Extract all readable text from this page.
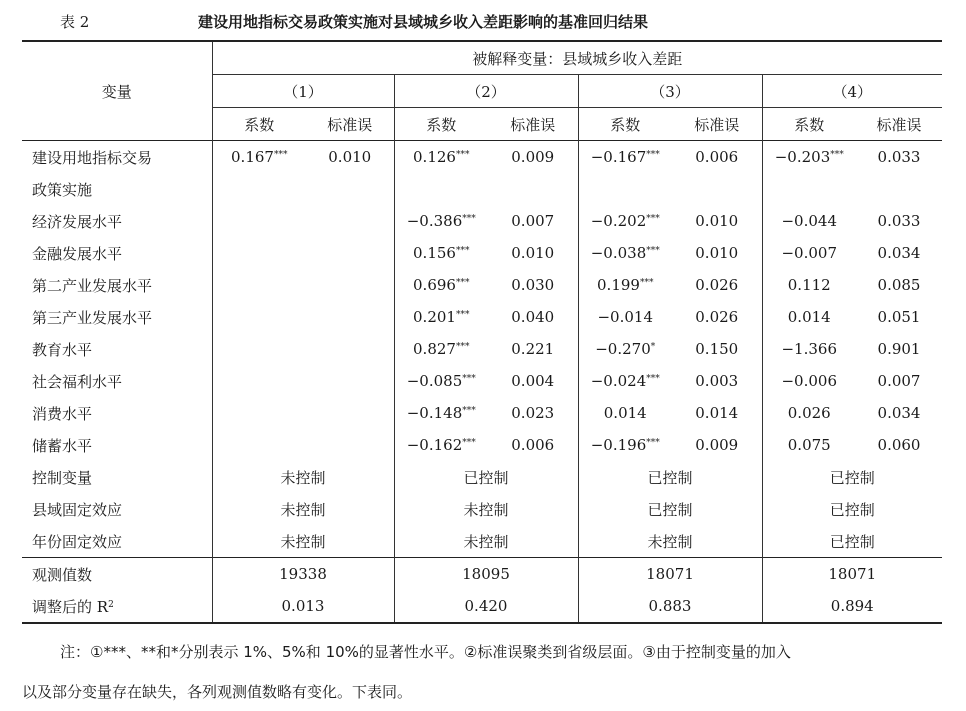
表 2	建设用地指标交易政策实施对县域城乡收入差距影响的基准回归结果
变量	被解释变量：县域城乡收入差距							
	（1）		（2）		（3）		（4）	
	系数	标准误	系数	标准误	系数	标准误	系数	标准误
建设用地指标交易	0.167***	0.010	0.126***	0.009	−0.167***	0.006	−0.203***	0.033
政策实施								
经济发展水平			−0.386***	0.007	−0.202***	0.010	−0.044	0.033
金融发展水平			0.156***	0.010	−0.038***	0.010	−0.007	0.034
第二产业发展水平			0.696***	0.030	0.199***	0.026	0.112	0.085
第三产业发展水平			0.201***	0.040	−0.014	0.026	0.014	0.051
教育水平			0.827***	0.221	−0.270*	0.150	−1.366	0.901
社会福利水平			−0.085***	0.004	−0.024***	0.003	−0.006	0.007
消费水平			−0.148***	0.023	0.014	0.014	0.026	0.034
储蓄水平			−0.162***	0.006	−0.196***	0.009	0.075	0.060
控制变量	未控制		已控制		已控制		已控制	
县域固定效应	未控制		未控制		已控制		已控制	
年份固定效应	未控制		未控制		未控制		已控制	
观测值数	19338		18095		18071		18071	
调整后的 $R^2$	0.013		0.420		0.883		0.894	
注：①***、**和*分别表示 1%、5%和 10%的显著性水平。②标准误聚类到省级层面。③由于控制变量的加入
以及部分变量存在缺失，各列观测值数略有变化。下表同。
